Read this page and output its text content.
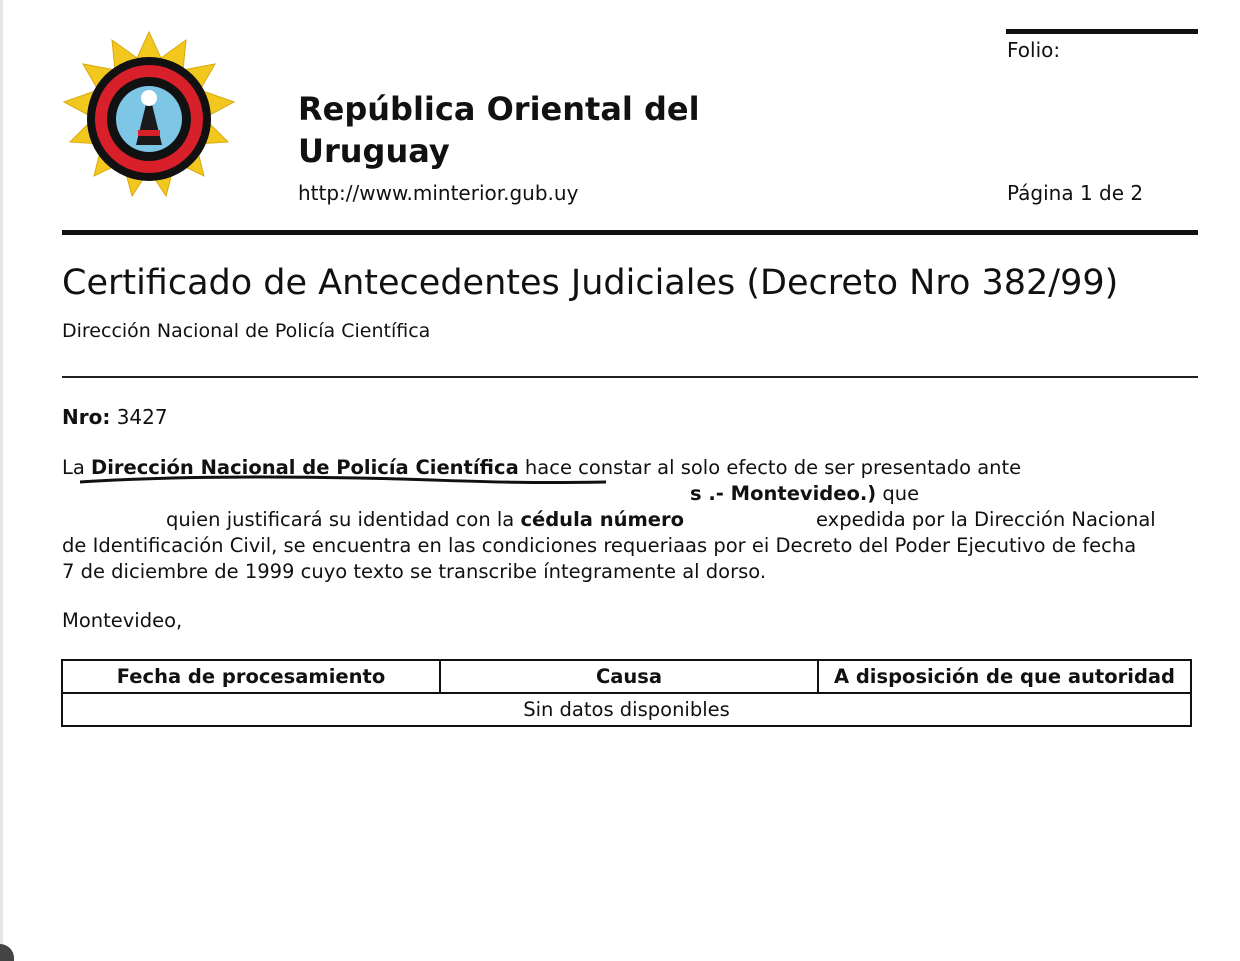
Folio:
República Oriental del
Uruguay
http://www.minterior.gub.uy	Página 1 de 2
Certificado de Antecedentes Judiciales (Decreto Nro 382/99)
Dirección Nacional de Policía Científica
Nro: 3427
La Dirección Nacional de Policía Científica hace constar al solo efecto de ser presentado ante
s .- Montevideo.) que
quien justificará su identidad con la cédula número	expedida por la Dirección Nacional
de Identificación Civil, se encuentra en las condiciones requeriaas por ei Decreto del Poder Ejecutivo de fecha
7 de diciembre de 1999 cuyo texto se transcribe íntegramente al dorso.
Montevideo,
Fecha de procesamiento	Causa	A disposición de que autoridad
Sin datos disponibles
